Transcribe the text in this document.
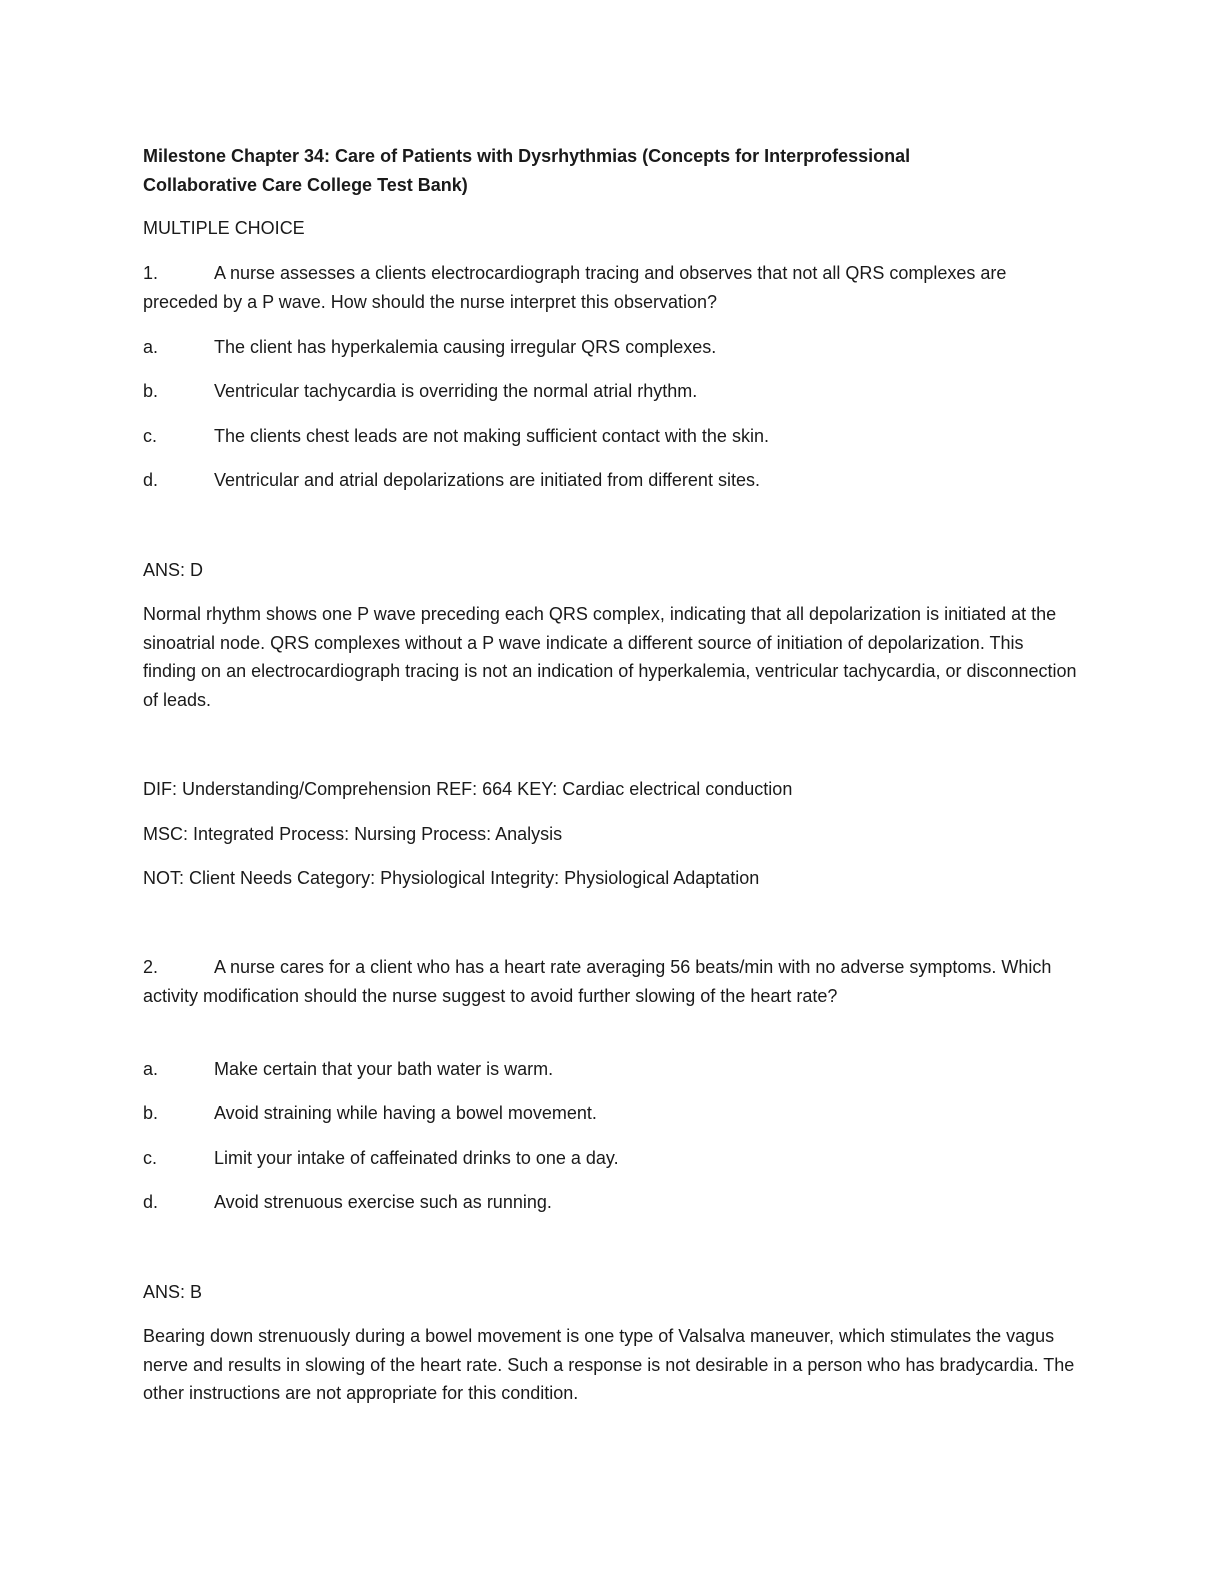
Milestone Chapter 34: Care of Patients with Dysrhythmias (Concepts for Interprofessional Collaborative Care College Test Bank)

MULTIPLE CHOICE

1.	A nurse assesses a clients electrocardiograph tracing and observes that not all QRS complexes are preceded by a P wave. How should the nurse interpret this observation?

a.	The client has hyperkalemia causing irregular QRS complexes.
b.	Ventricular tachycardia is overriding the normal atrial rhythm.
c.	The clients chest leads are not making sufficient contact with the skin.
d.	Ventricular and atrial depolarizations are initiated from different sites.

ANS: D

Normal rhythm shows one P wave preceding each QRS complex, indicating that all depolarization is initiated at the sinoatrial node. QRS complexes without a P wave indicate a different source of initiation of depolarization. This finding on an electrocardiograph tracing is not an indication of hyperkalemia, ventricular tachycardia, or disconnection of leads.

DIF: Understanding/Comprehension REF: 664 KEY: Cardiac electrical conduction

MSC: Integrated Process: Nursing Process: Analysis

NOT: Client Needs Category: Physiological Integrity: Physiological Adaptation

2.	A nurse cares for a client who has a heart rate averaging 56 beats/min with no adverse symptoms. Which activity modification should the nurse suggest to avoid further slowing of the heart rate?

a.	Make certain that your bath water is warm.
b.	Avoid straining while having a bowel movement.
c.	Limit your intake of caffeinated drinks to one a day.
d.	Avoid strenuous exercise such as running.

ANS: B

Bearing down strenuously during a bowel movement is one type of Valsalva maneuver, which stimulates the vagus nerve and results in slowing of the heart rate. Such a response is not desirable in a person who has bradycardia. The other instructions are not appropriate for this condition.
